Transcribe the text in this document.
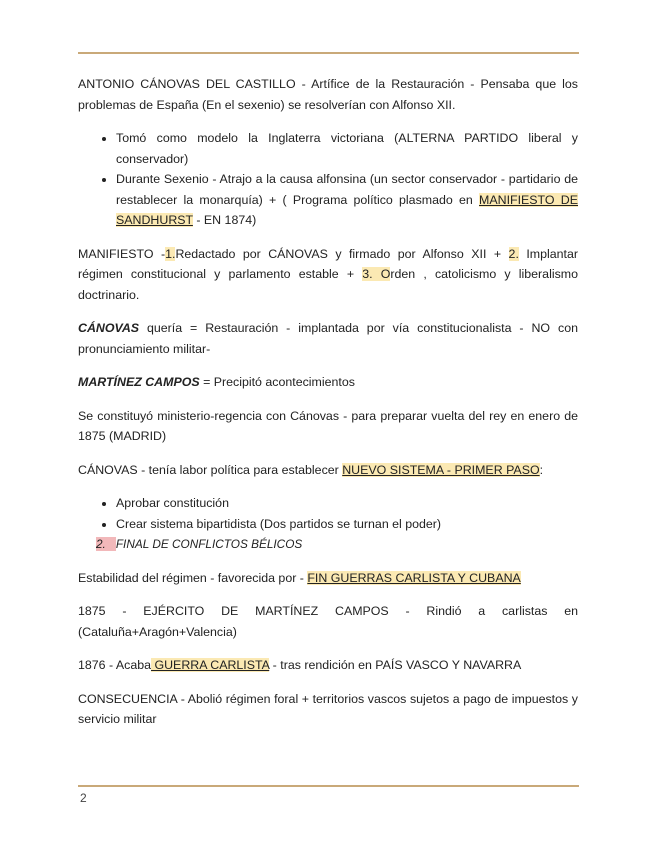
ANTONIO CÁNOVAS DEL CASTILLO - Artífice de la Restauración - Pensaba que los problemas de España (En el sexenio) se resolverían con Alfonso XII.

• Tomó como modelo la Inglaterra victoriana (ALTERNA PARTIDO liberal y conservador)
• Durante Sexenio - Atrajo a la causa alfonsina (un sector conservador - partidario de restablecer la monarquía) + ( Programa político plasmado en MANIFIESTO DE SANDHURST - EN 1874)

MANIFIESTO -1.Redactado por CÁNOVAS y firmado por Alfonso XII + 2. Implantar régimen constitucional y parlamento estable + 3. Orden , catolicismo y liberalismo doctrinario.

CÁNOVAS quería = Restauración - implantada por vía constitucionalista - NO con pronunciamiento militar-

MARTÍNEZ CAMPOS = Precipitó acontecimientos

Se constituyó ministerio-regencia con Cánovas - para preparar vuelta del rey en enero de 1875 (MADRID)

CÁNOVAS - tenía labor política para establecer NUEVO SISTEMA - PRIMER PASO:

• Aprobar constitución
• Crear sistema bipartidista (Dos partidos se turnan el poder)
2. FINAL DE CONFLICTOS BÉLICOS

Estabilidad del régimen - favorecida por - FIN GUERRAS CARLISTA Y CUBANA

1875 - EJÉRCITO DE MARTÍNEZ CAMPOS - Rindió a carlistas en (Cataluña+Aragón+Valencia)

1876 - Acaba GUERRA CARLISTA - tras rendición en PAÍS VASCO Y NAVARRA

CONSECUENCIA - Abolió régimen foral + territorios vascos sujetos a pago de impuestos y servicio militar

2
